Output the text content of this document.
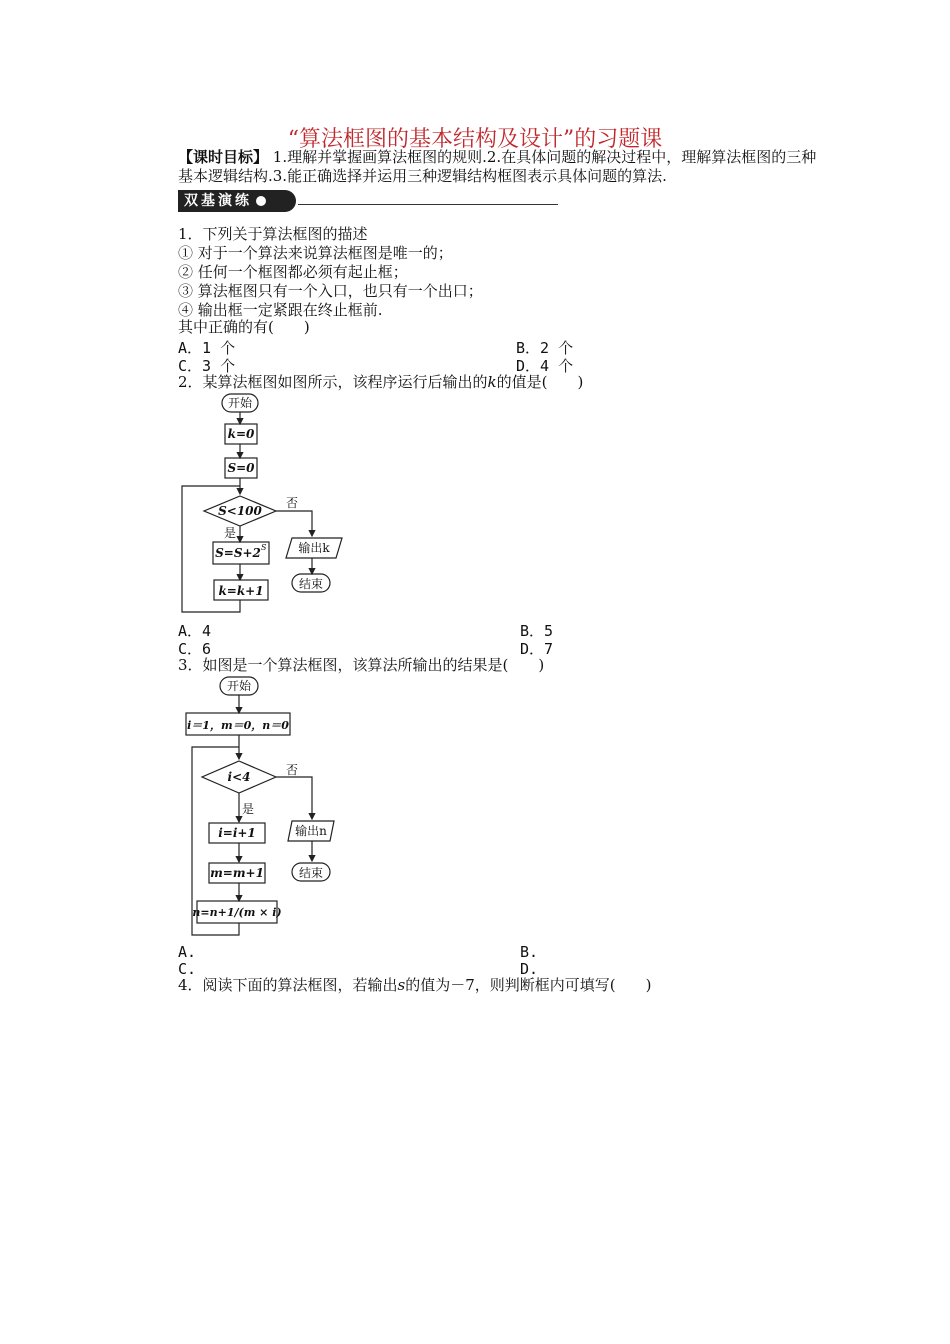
“算法框图的基本结构及设计”的习题课
【课时目标】 1.理解并掌握画算法框图的规则.2.在具体问题的解决过程中，理解算法框图的三种基本逻辑结构.3.能正确选择并运用三种逻辑结构框图表示具体问题的算法.
双基演练
1．下列关于算法框图的描述
① 对于一个算法来说算法框图是唯一的；
② 任何一个框图都必须有起止框；
③ 算法框图只有一个入口，也只有一个出口；
④ 输出框一定紧跟在终止框前.
其中正确的有(　　)
A．1 个	B．2 个
C．3 个	D．4 个
2．某算法框图如图所示，该程序运行后输出的k的值是(　　)
开始
k=0
S=0
S<100
否
是
S=S+2 S	输出k
k=k+1	结束
A．4	B．5
C．6	D．7
3．如图是一个算法框图，该算法所输出的结果是(　　)
开始
i＝1，m＝0，n＝0
i<4	否
是
i=i+1	输出n
m=m+1	结束
n=n+1/(m × i)
A.	B.
C.	D.
4．阅读下面的算法框图，若输出s的值为－7，则判断框内可填写(　　)
